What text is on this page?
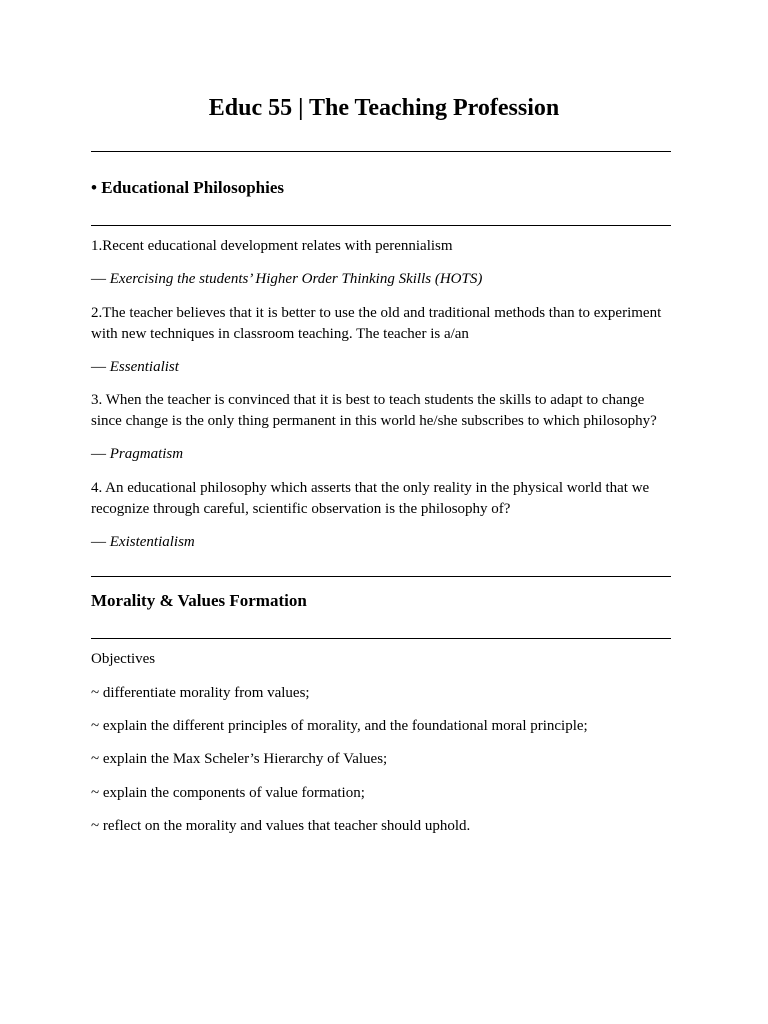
Educ 55 | The Teaching Profession
• Educational Philosophies

1.Recent educational development relates with perennialism

— Exercising the students’ Higher Order Thinking Skills (HOTS)

2.The teacher believes that it is better to use the old and traditional methods than to experiment with new techniques in classroom teaching. The teacher is a/an

— Essentialist

3. When the teacher is convinced that it is best to teach students the skills to adapt to change since change is the only thing permanent in this world he/she subscribes to which philosophy?

— Pragmatism

4. An educational philosophy which asserts that the only reality in the physical world that we recognize through careful, scientific observation is the philosophy of?

— Existentialism

Morality & Values Formation

Objectives

~ differentiate morality from values;

~ explain the different principles of morality, and the foundational moral principle;

~ explain the Max Scheler’s Hierarchy of Values;

~ explain the components of value formation;

~ reflect on the morality and values that teacher should uphold.
